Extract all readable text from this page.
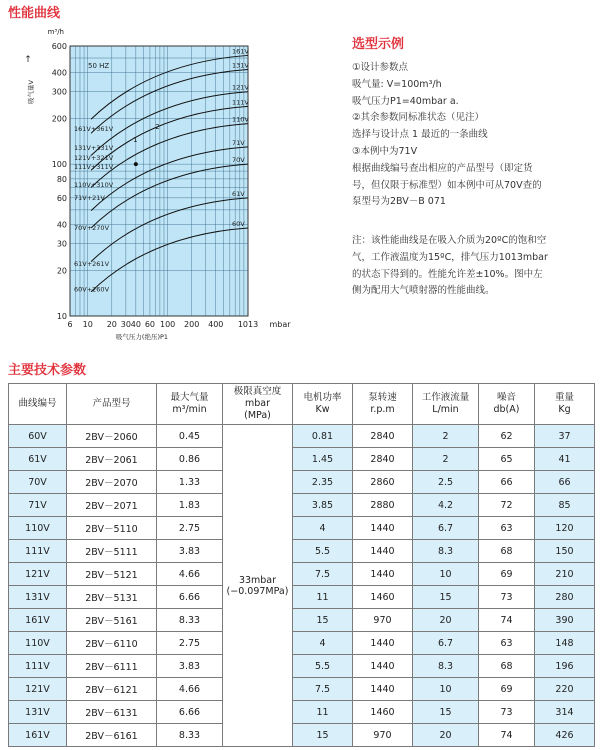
性能曲线
6 10 20 30 40 60 100 200 400 1013 mbar
10
20
30
40
60
80
100
200
300
400
600
m³/h
吸气压力(绝压)P1
吸气量V
↑
50 HZ
161V+361V
131V+331V
121V+321V
111V+311V
110V+310V
71V+21V
70V+270V
61V+261V
60V+260V
161V
131V
121V
111V
110V
71V
70V
61V
60V
1
2
选型示例
①设计参数点
吸气量: V=100m³/h
吸气压力P1=40mbar a.
②其余参数同标准状态（见注）
选择与设计点 1 最近的一条曲线
③本例中为71V
根据曲线编号查出相应的产品型号（即定货
号，但仅限于标准型）如本例中可从70V查的
泵型号为2BV－B 071
注：该性能曲线是在吸入介质为20ºC的饱和空
气，工作液温度为15ºC，排气压力1013mbar
的状态下得到的。性能允许差±10%。图中左
侧为配用大气喷射器的性能曲线。
主要技术参数
曲线编号	产品型号	最大气量
m³/min	极限真空度
mbar
(MPa)	电机功率
Kw	泵转速
r.p.m	工作液流量
L/min	噪音
db(A)	重量
Kg
60V	2BV－2060	0.45	33mbar
(−0.097MPa)	0.81	2840	2	62	37
61V	2BV－2061	0.86		1.45	2840	2	65	41
70V	2BV－2070	1.33		2.35	2860	2.5	66	66
71V	2BV－2071	1.83		3.85	2880	4.2	72	85
110V	2BV－5110	2.75		4	1440	6.7	63	120
111V	2BV－5111	3.83		5.5	1440	8.3	68	150
121V	2BV－5121	4.66		7.5	1440	10	69	210
131V	2BV－5131	6.66		11	1460	15	73	280
161V	2BV－5161	8.33		15	970	20	74	390
110V	2BV－6110	2.75		4	1440	6.7	63	148
111V	2BV－6111	3.83		5.5	1440	8.3	68	196
121V	2BV－6121	4.66		7.5	1440	10	69	220
131V	2BV－6131	6.66		11	1460	15	73	314
161V	2BV－6161	8.33		15	970	20	74	426
